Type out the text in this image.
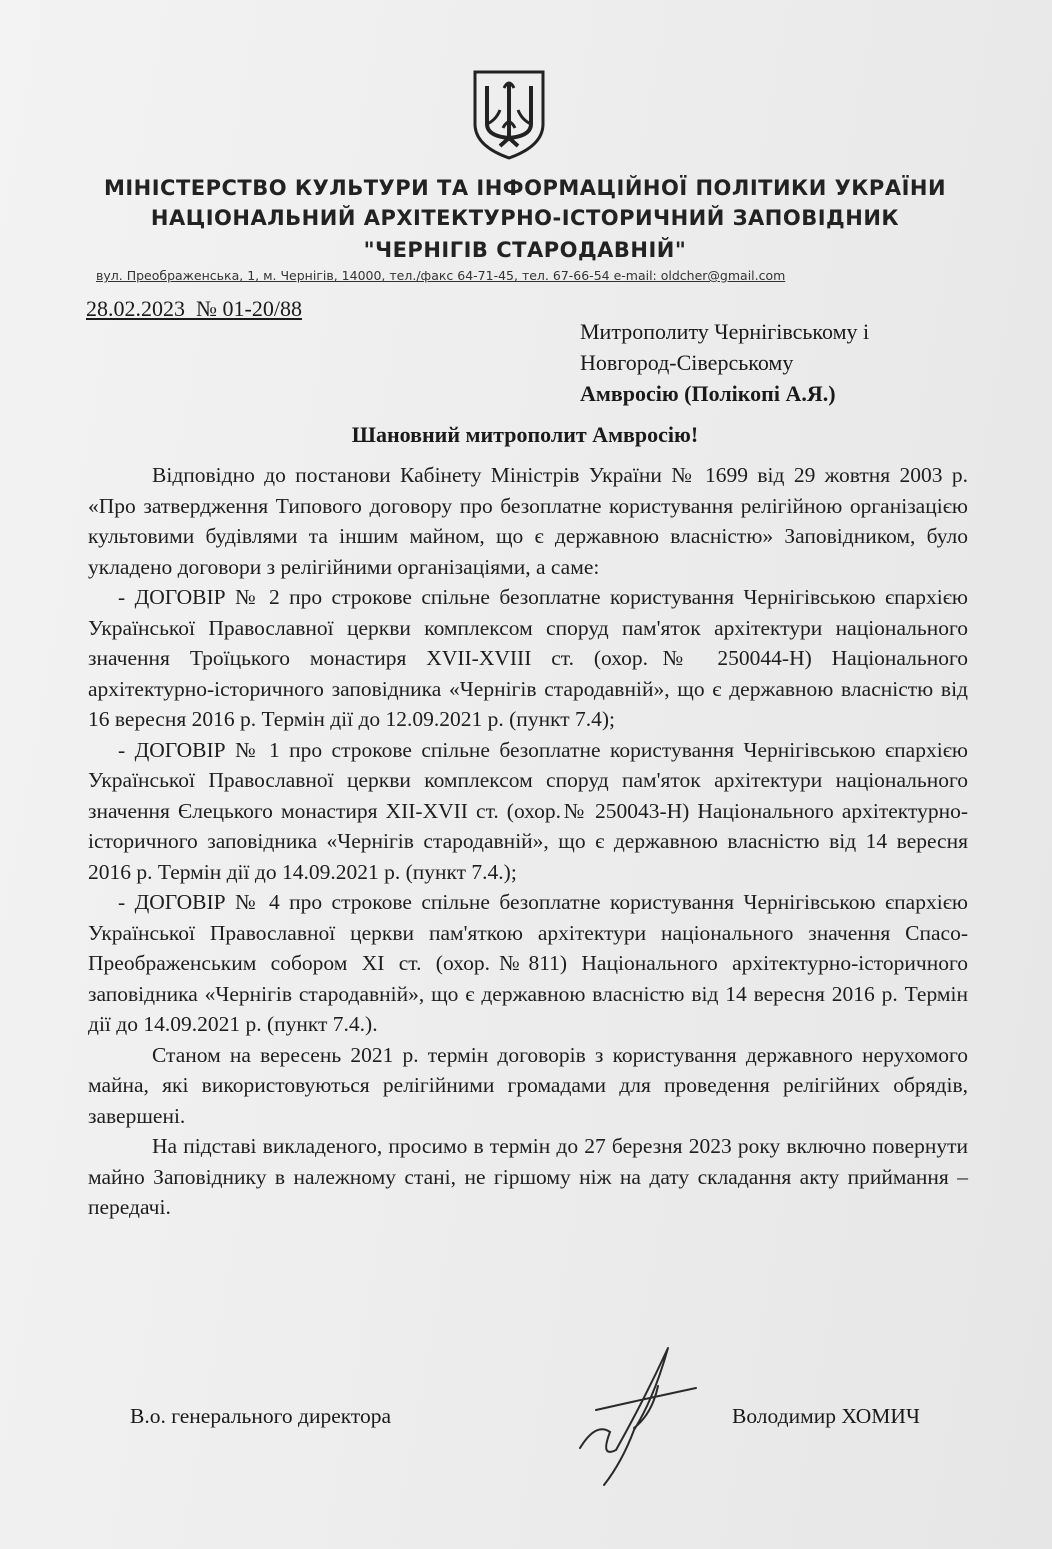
МІНІСТЕРСТВО КУЛЬТУРИ ТА ІНФОРМАЦІЙНОЇ ПОЛІТИКИ УКРАЇНИ
НАЦІОНАЛЬНИЙ АРХІТЕКТУРНО-ІСТОРИЧНИЙ ЗАПОВІДНИК
"ЧЕРНІГІВ СТАРОДАВНІЙ"
вул. Преображенська, 1, м. Чернігів, 14000, тел./факс 64-71-45, тел. 67-66-54 e-mail: oldcher@gmail.com
28.02.2023 № 01-20/88
Митрополиту Чернігівському і
Новгород-Сіверському
Амвросію (Полікопі А.Я.)
Шановний митрополит Амвросію!

Відповідно до постанови Кабінету Міністрів України № 1699 від 29 жовтня 2003 р. «Про затвердження Типового договору про безоплатне користування релігійною організацією культовими будівлями та іншим майном, що є державною власністю» Заповідником, було укладено договори з релігійними організаціями, а саме:

- ДОГОВІР № 2 про строкове спільне безоплатне користування Чернігівською єпархією Української Православної церкви комплексом споруд пам'яток архітектури національного значення Троїцького монастиря XVII-XVIII ст. (охор.№ 250044-Н) Національного архітектурно-історичного заповідника «Чернігів стародавній», що є державною власністю від 16 вересня 2016 р. Термін дії до 12.09.2021 р. (пункт 7.4);

- ДОГОВІР № 1 про строкове спільне безоплатне користування Чернігівською єпархією Української Православної церкви комплексом споруд пам'яток архітектури національного значення Єлецького монастиря XII-XVII ст. (охор.№ 250043-Н) Національного архітектурно-історичного заповідника «Чернігів стародавній», що є державною власністю від 14 вересня 2016 р. Термін дії до 14.09.2021 р. (пункт 7.4.);

- ДОГОВІР № 4 про строкове спільне безоплатне користування Чернігівською єпархією Української Православної церкви пам'яткою архітектури національного значення Спасо-Преображенським собором XI ст. (охор.№811) Національного архітектурно-історичного заповідника «Чернігів стародавній», що є державною власністю від 14 вересня 2016 р. Термін дії до 14.09.2021 р. (пункт 7.4.).

Станом на вересень 2021 р. термін договорів з користування державного нерухомого майна, які використовуються релігійними громадами для проведення релігійних обрядів, завершені.

На підставі викладеного, просимо в термін до 27 березня 2023 року включно повернути майно Заповіднику в належному стані, не гіршому ніж на дату складання акту приймання – передачі.

В.о. генерального директора	Володимир ХОМИЧ
